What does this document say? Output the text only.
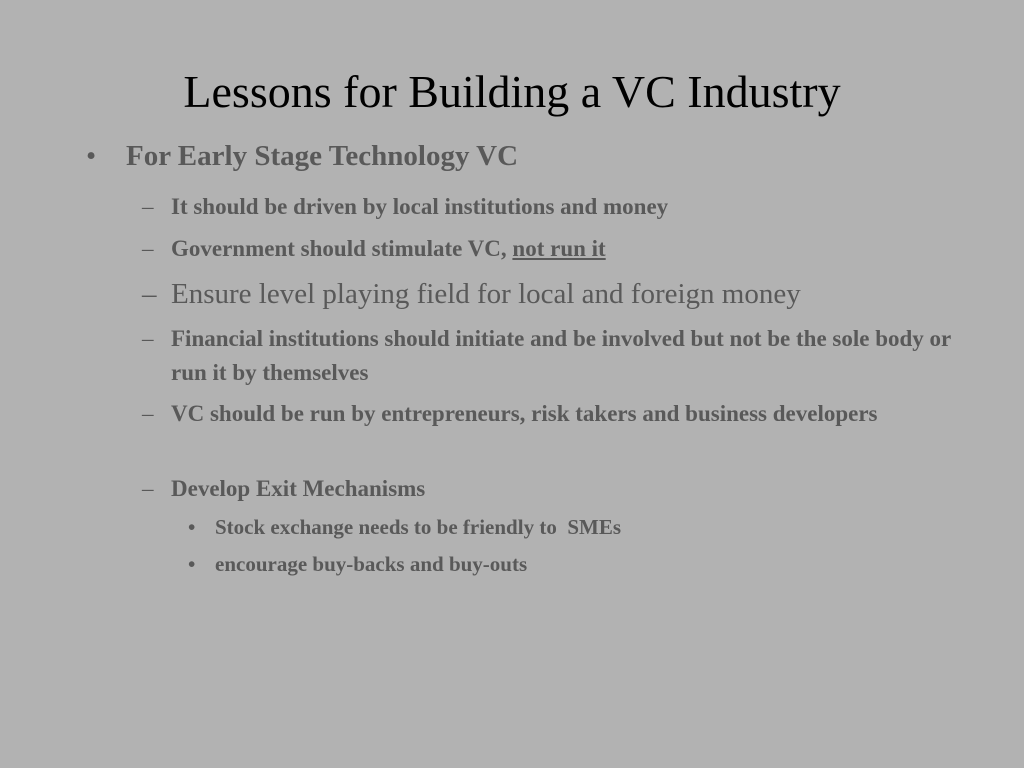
Lessons for Building a VC Industry
•	For Early Stage Technology VC
– It should be driven by local institutions and money
– Government should stimulate VC, not run it
– Ensure level playing field for local and foreign money
– Financial institutions should initiate and be involved but not be the sole body or run it by themselves
– VC should be run by entrepreneurs, risk takers and business developers
– Develop Exit Mechanisms
• Stock exchange needs to be friendly to  SMEs
• encourage buy-backs and buy-outs
